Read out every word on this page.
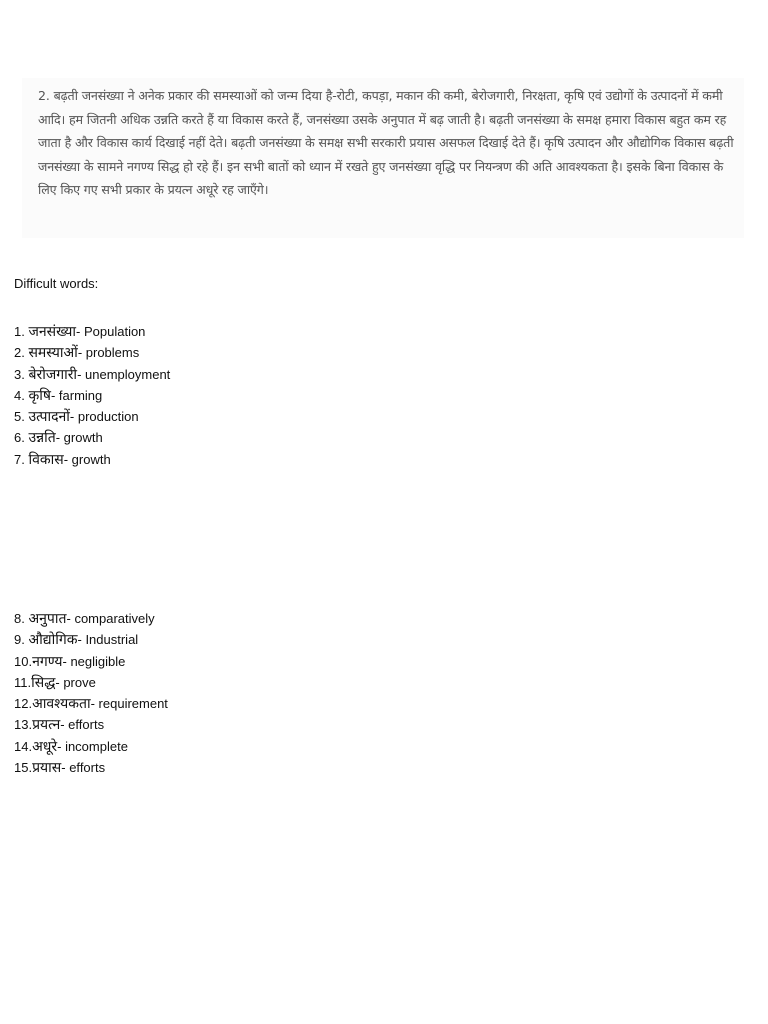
2. बढ़ती जनसंख्या ने अनेक प्रकार की समस्याओं को जन्म दिया है-रोटी, कपड़ा, मकान की कमी, बेरोजगारी, निरक्षता, कृषि एवं उद्योगों के उत्पादनों में कमी आदि। हम जितनी अधिक उन्नति करते हैं या विकास करते हैं, जनसंख्या उसके अनुपात में बढ़ जाती है। बढ़ती जनसंख्या के समक्ष हमारा विकास बहुत कम रह जाता है और विकास कार्य दिखाई नहीं देते। बढ़ती जनसंख्या के समक्ष सभी सरकारी प्रयास असफल दिखाई देते हैं। कृषि उत्पादन और औद्योगिक विकास बढ़ती जनसंख्या के सामने नगण्य सिद्ध हो रहे हैं। इन सभी बातों को ध्यान में रखते हुए जनसंख्या वृद्धि पर नियन्त्रण की अति आवश्यकता है। इसके बिना विकास के लिए किए गए सभी प्रकार के प्रयत्न अधूरे रह जाएँगे।

Difficult words:

1. जनसंख्या- Population
2. समस्याओं- problems
3. बेरोजगारी- unemployment
4. कृषि- farming
5. उत्पादनों- production
6. उन्नति- growth
7. विकास- growth
8. अनुपात- comparatively
9. औद्योगिक- Industrial
10.नगण्य- negligible
11.सिद्ध- prove
12.आवश्यकता- requirement
13.प्रयत्न- efforts
14.अधूरे- incomplete
15.प्रयास- efforts
